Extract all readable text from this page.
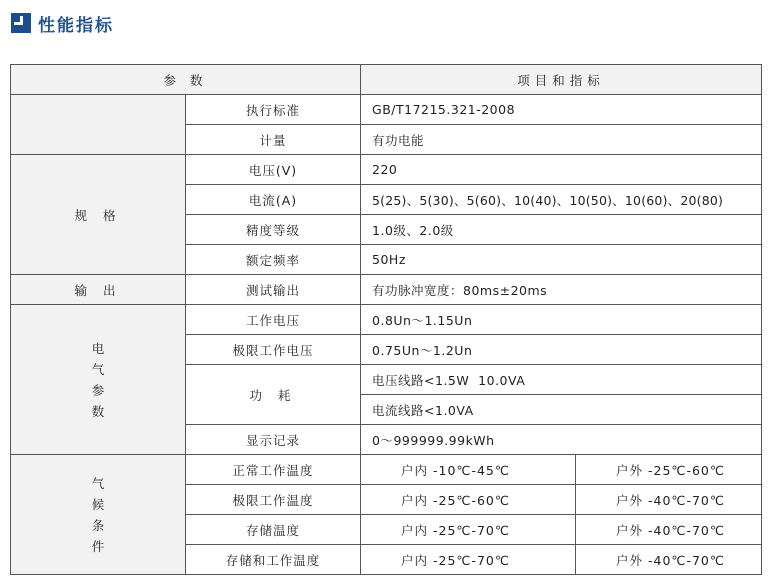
性能指标
参 数		项目和指标	
	执行标准	GB/T17215.321-2008	
	计量	有功电能	
规 格	电压(V)	220	
	电流(A)	5(25)、5(30)、5(60)、10(40)、10(50)、10(60)、20(80)	
	精度等级	1.0级、2.0级	
	额定频率	50Hz	
输 出	测试输出	有功脉冲宽度：80ms±20ms	

电
气
参
数	工作电压	0.8Un～1.15Un	
	极限工作电压	0.75Un～1.2Un	
	功 耗	电压线路<1.5W  10.0VA	
		电流线路<1.0VA	
	显示记录	0～999999.99kWh	

气
候
条
件	正常工作温度	户内 -10℃-45℃	户外 -25℃-60℃
	极限工作温度	户内 -25℃-60℃	户外 -40℃-70℃
	存储温度	户内 -25℃-70℃	户外 -40℃-70℃
	存储和工作温度	户内 -25℃-70℃	户外 -40℃-70℃
